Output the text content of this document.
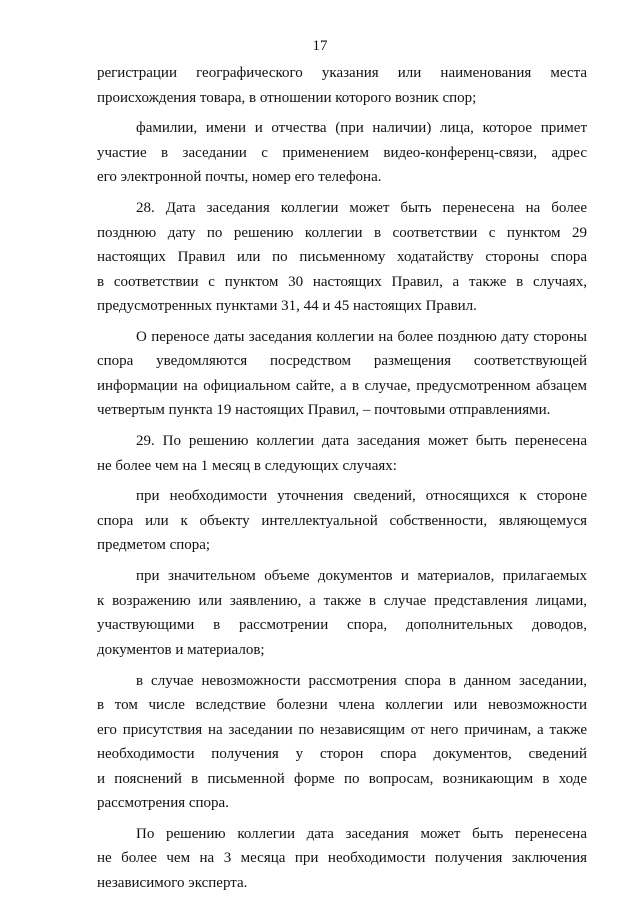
17

регистрации географического указания или наименования места
происхождения товара, в отношении которого возник спор;

фамилии, имени и отчества (при наличии) лица, которое примет
участие в заседании с применением видео-конференц-связи, адрес
его электронной почты, номер его телефона.

28. Дата заседания коллегии может быть перенесена на более
позднюю дату по решению коллегии в соответствии с пунктом 29
настоящих Правил или по письменному ходатайству стороны спора
в соответствии с пунктом 30 настоящих Правил, а также в случаях,
предусмотренных пунктами 31, 44 и 45 настоящих Правил.

О переносе даты заседания коллегии на более позднюю дату стороны
спора уведомляются посредством размещения соответствующей
информации на официальном сайте, а в случае, предусмотренном абзацем
четвертым пункта 19 настоящих Правил, – почтовыми отправлениями.

29. По решению коллегии дата заседания может быть перенесена
не более чем на 1 месяц в следующих случаях:

при необходимости уточнения сведений, относящихся к стороне
спора или к объекту интеллектуальной собственности, являющемуся
предметом спора;

при значительном объеме документов и материалов, прилагаемых
к возражению или заявлению, а также в случае представления лицами,
участвующими в рассмотрении спора, дополнительных доводов,
документов и материалов;

в случае невозможности рассмотрения спора в данном заседании,
в том числе вследствие болезни члена коллегии или невозможности
его присутствия на заседании по независящим от него причинам, а также
необходимости получения у сторон спора документов, сведений
и пояснений в письменной форме по вопросам, возникающим в ходе
рассмотрения спора.

По решению коллегии дата заседания может быть перенесена
не более чем на 3 месяца при необходимости получения заключения
независимого эксперта.
